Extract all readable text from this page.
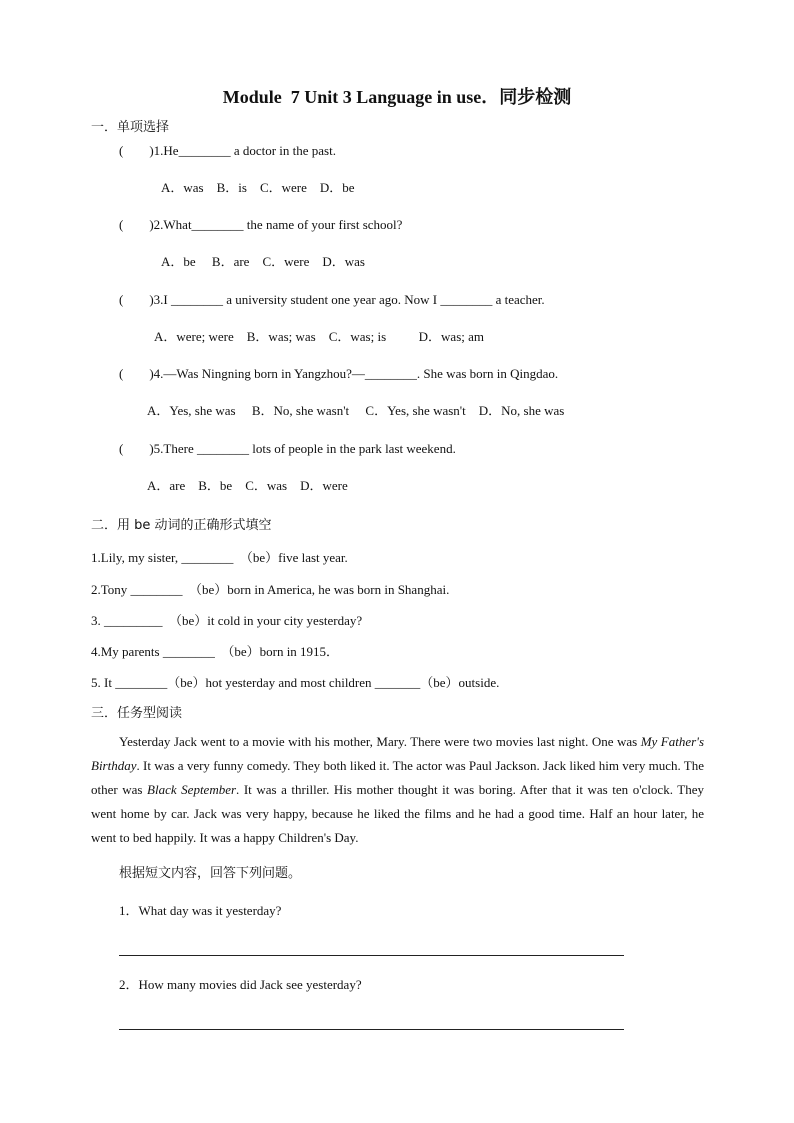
Module  7 Unit 3 Language in use．同步检测
一．单项选择
(        )1.He________ a doctor in the past.
A．was    B．is    C．were    D．be
(        )2.What________ the name of your first school?
A．be     B．are    C．were    D．was
(        )3.I ________ a university student one year ago. Now I ________ a teacher.
A．were; were    B．was; was    C．was; is          D．was; am
(        )4.—Was Ningning born in Yangzhou?—________. She was born in Qingdao.
A．Yes, she was     B．No, she wasn't     C．Yes, she wasn't    D．No, she was
(        )5.There ________ lots of people in the park last weekend.
A．are    B．be    C．was    D．were
二．用 be 动词的正确形式填空
1.Lily, my sister, ________  （be）five last year.
2.Tony ________  （be）born in America, he was born in Shanghai.
3. _________  （be）it cold in your city yesterday?
4.My parents ________  （be）born in 1915．
5. It ________（be）hot yesterday and most children _______（be）outside.
三．任务型阅读
Yesterday Jack went to a movie with his mother, Mary. There were two movies last night. One was My Father's Birthday. It was a very funny comedy. They both liked it. The actor was Paul Jackson. Jack liked him very much. The other was Black September. It was a thriller. His mother thought it was boring. After that it was ten o'clock. They went home by car. Jack was very happy, because he liked the films and he had a good time. Half an hour later, he went to bed happily. It was a happy Children's Day.
根据短文内容，回答下列问题。
1．What day was it yesterday?
2．How many movies did Jack see yesterday?
